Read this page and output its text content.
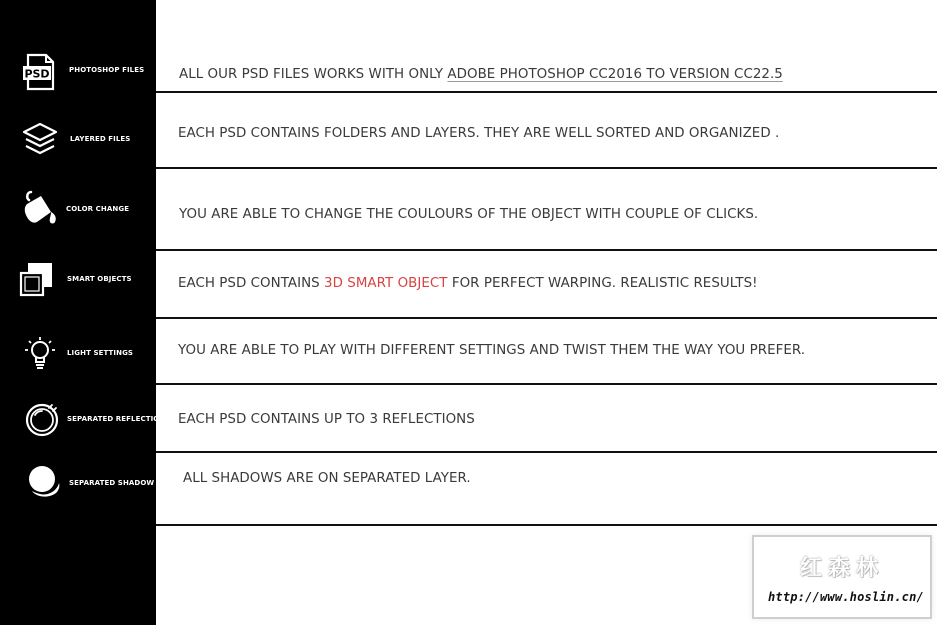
PSD	PHOTOSHOP FILES
LAYERED FILES
COLOR CHANGE
SMART OBJECTS
LIGHT SETTINGS
SEPARATED REFLECTION
SEPARATED SHADOW
ALL OUR PSD FILES WORKS WITH ONLY ADOBE PHOTOSHOP CC2016 TO VERSION CC22.5
EACH PSD CONTAINS FOLDERS AND LAYERS. THEY ARE WELL SORTED AND ORGANIZED .
YOU ARE ABLE TO CHANGE THE COULOURS OF THE OBJECT WITH COUPLE OF CLICKS.
EACH PSD CONTAINS 3D SMART OBJECT FOR PERFECT WARPING. REALISTIC RESULTS!
YOU ARE ABLE TO PLAY WITH DIFFERENT SETTINGS AND TWIST THEM THE WAY YOU PREFER.
EACH PSD CONTAINS UP TO 3 REFLECTIONS
ALL SHADOWS ARE ON SEPARATED LAYER.
红森林
http://www.hoslin.cn/
